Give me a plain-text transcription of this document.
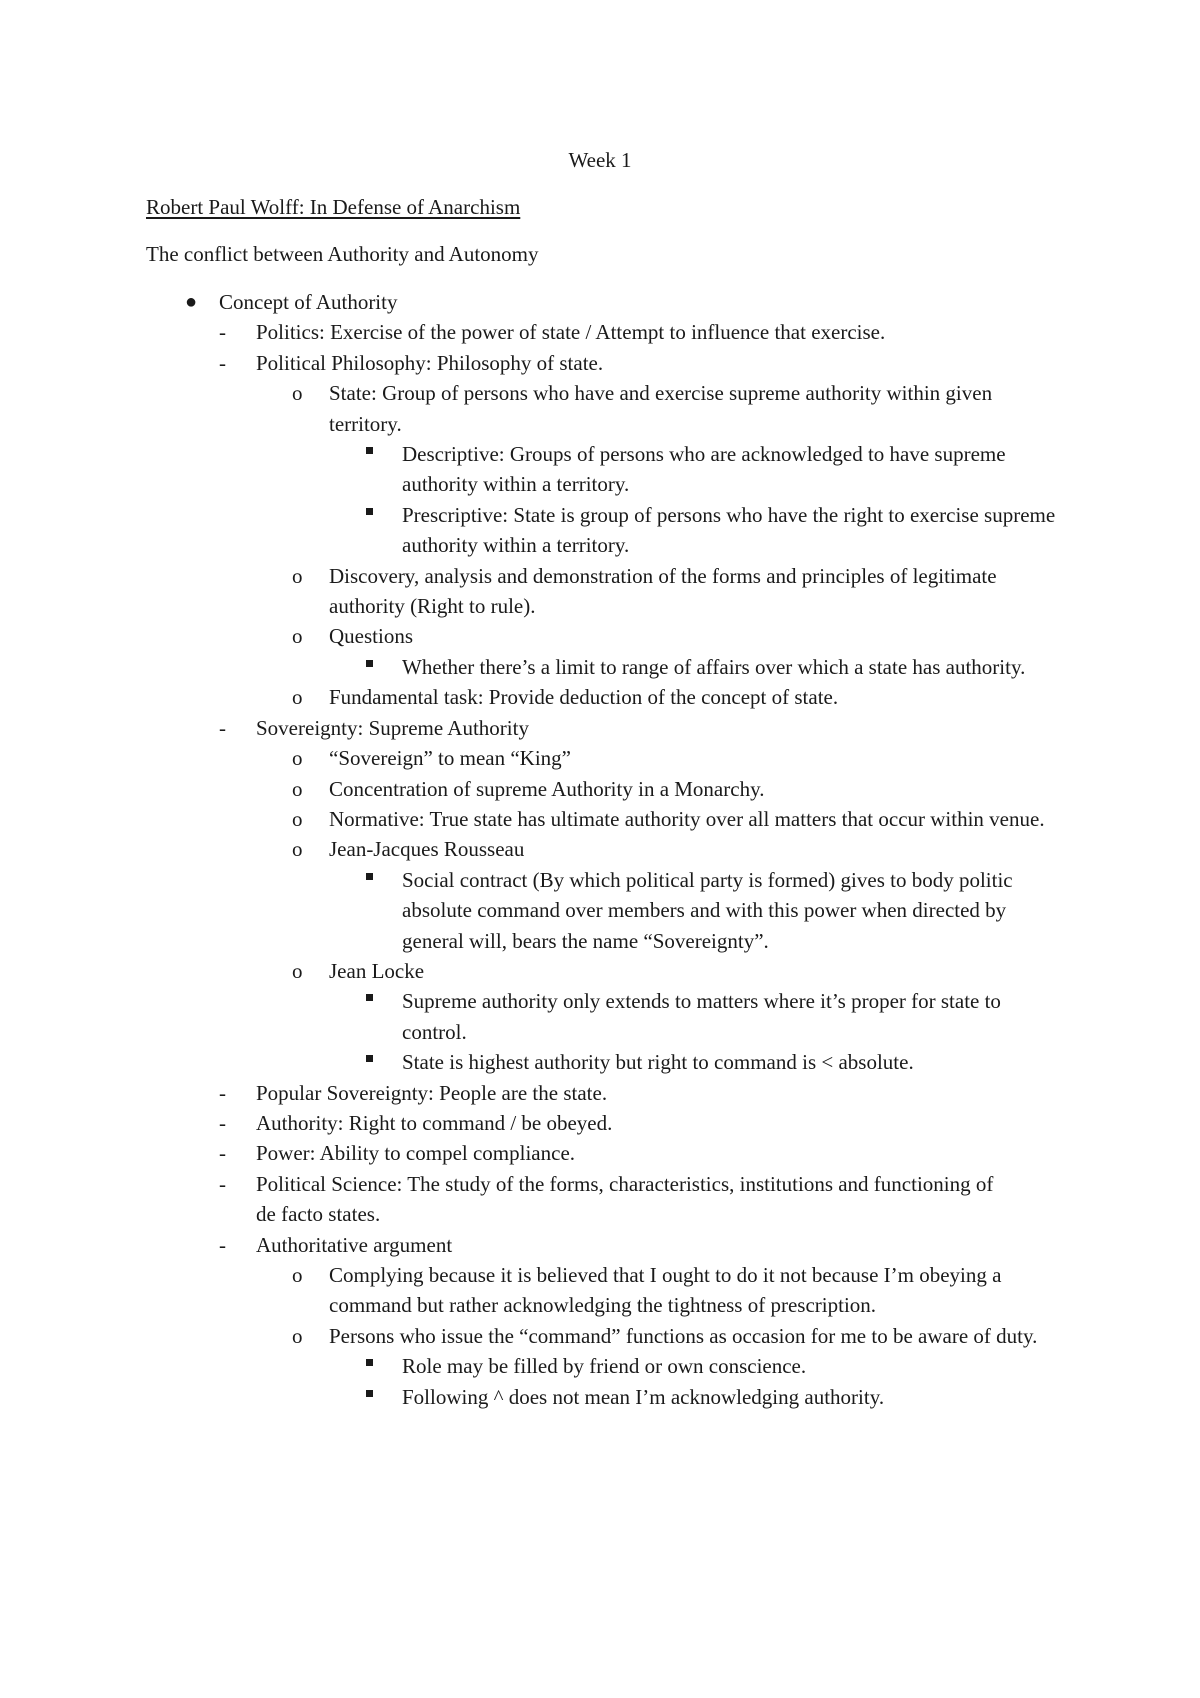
Week 1
Robert Paul Wolff: In Defense of Anarchism
The conflict between Authority and Autonomy
● Concept of Authority
- Politics: Exercise of the power of state / Attempt to influence that exercise.
- Political Philosophy: Philosophy of state.
o State: Group of persons who have and exercise supreme authority within given territory.
Descriptive: Groups of persons who are acknowledged to have supreme authority within a territory.
Prescriptive: State is group of persons who have the right to exercise supreme authority within a territory.
o Discovery, analysis and demonstration of the forms and principles of legitimate authority (Right to rule).
o Questions
Whether there’s a limit to range of affairs over which a state has authority.
o Fundamental task: Provide deduction of the concept of state.
- Sovereignty: Supreme Authority
o “Sovereign” to mean “King”
o Concentration of supreme Authority in a Monarchy.
o Normative: True state has ultimate authority over all matters that occur within venue.
o Jean-Jacques Rousseau
Social contract (By which political party is formed) gives to body politic absolute command over members and with this power when directed by general will, bears the name “Sovereignty”.
o Jean Locke
Supreme authority only extends to matters where it’s proper for state to control.
State is highest authority but right to command is < absolute.
- Popular Sovereignty: People are the state.
- Authority: Right to command / be obeyed.
- Power: Ability to compel compliance.
- Political Science: The study of the forms, characteristics, institutions and functioning of de facto states.
- Authoritative argument
o Complying because it is believed that I ought to do it not because I’m obeying a command but rather acknowledging the tightness of prescription.
o Persons who issue the “command” functions as occasion for me to be aware of duty.
Role may be filled by friend or own conscience.
Following ^ does not mean I’m acknowledging authority.
